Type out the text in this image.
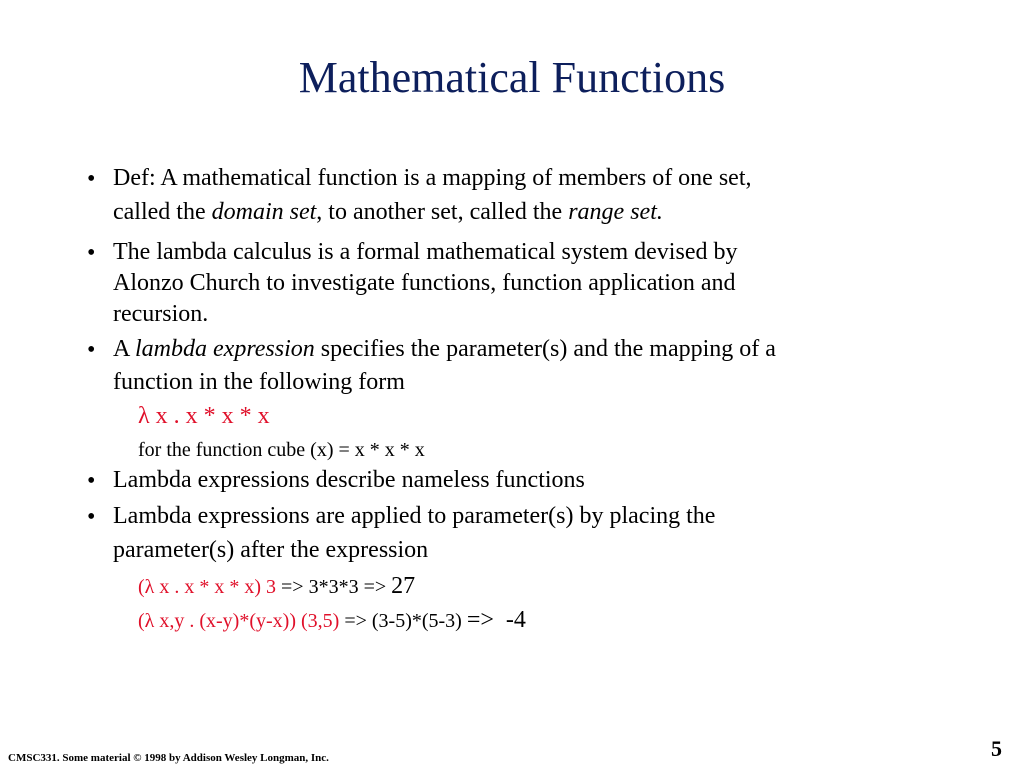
Mathematical Functions
• Def: A mathematical function is a mapping of members of one set,
called the domain set, to another set, called the range set.
• The lambda calculus is a formal mathematical system devised by
Alonzo Church to investigate functions, function application and
recursion.
• A lambda expression specifies the parameter(s) and the mapping of a
function in the following form
λ x . x * x * x
for the function cube (x) = x * x * x
• Lambda expressions describe nameless functions
• Lambda expressions are applied to parameter(s) by placing the
parameter(s) after the expression
(λ x . x * x * x) 3 => 3*3*3 => 27
(λ x,y . (x-y)*(y-x)) (3,5) => (3-5)*(5-3) =>  -4
CMSC331. Some material © 1998 by Addison Wesley Longman, Inc.	5
